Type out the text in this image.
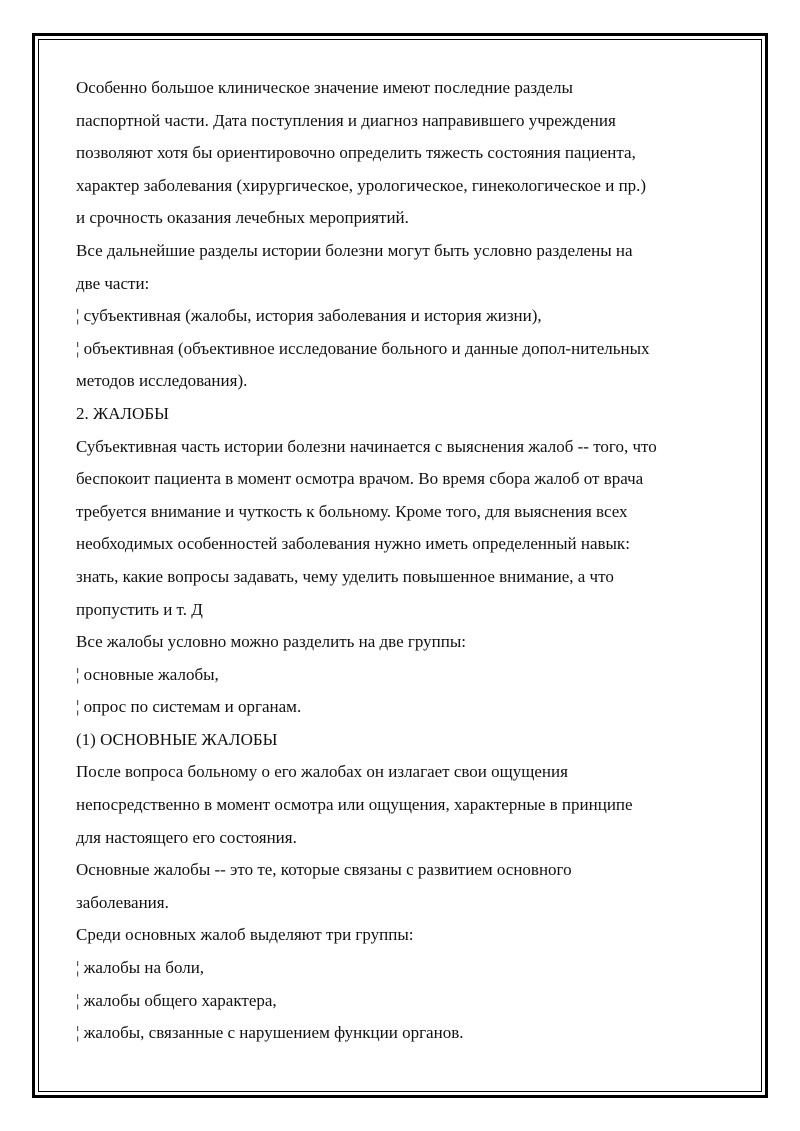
Особенно большое клиническое значение имеют последние разделы
паспортной части. Дата поступления и диагноз направившего учреждения
позволяют хотя бы ориентировочно определить тяжесть состояния пациента,
характер заболевания (хирургическое, урологическое, гинекологическое и пр.)
и срочность оказания лечебных мероприятий.
Все дальнейшие разделы истории болезни могут быть условно разделены на
две части:
¦ субъективная (жалобы, история заболевания и история жизни),
¦ объективная (объективное исследование больного и данные допол-нительных
методов исследования).
2. ЖАЛОБЫ
Субъективная часть истории болезни начинается с выяснения жалоб -- того, что
беспокоит пациента в момент осмотра врачом. Во время сбора жалоб от врача
требуется внимание и чуткость к больному. Кроме того, для выяснения всех
необходимых особенностей заболевания нужно иметь определенный навык:
знать, какие вопросы задавать, чему уделить повышенное внимание, а что
пропустить и т. Д
Все жалобы условно можно разделить на две группы:
¦ основные жалобы,
¦ опрос по системам и органам.
(1) ОСНОВНЫЕ ЖАЛОБЫ
После вопроса больному о его жалобах он излагает свои ощущения
непосредственно в момент осмотра или ощущения, характерные в принципе
для настоящего его состояния.
Основные жалобы -- это те, которые связаны с развитием основного
заболевания.
Среди основных жалоб выделяют три группы:
¦ жалобы на боли,
¦ жалобы общего характера,
¦ жалобы, связанные с нарушением функции органов.
